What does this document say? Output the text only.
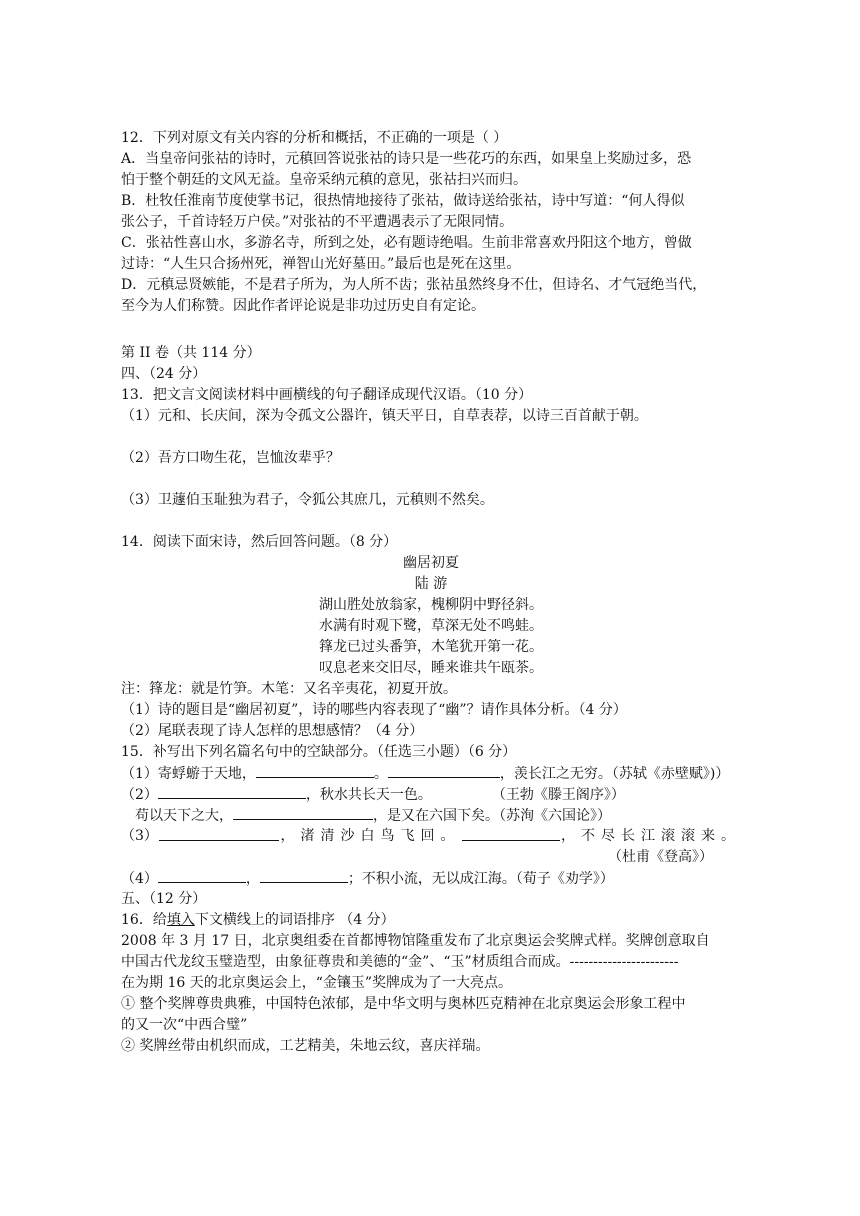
12．下列对原文有关内容的分析和概括，不正确的一项是（ ）
A．当皇帝问张祜的诗时，元稹回答说张祜的诗只是一些花巧的东西，如果皇上奖励过多，恐
怕于整个朝廷的文风无益。皇帝采纳元稹的意见，张祜扫兴而归。
B．杜牧任淮南节度使掌书记，很热情地接待了张祜，做诗送给张祜，诗中写道：“何人得似
张公子，千首诗轻万户侯。”对张祜的不平遭遇表示了无限同情。
C．张祜性喜山水，多游名寺，所到之处，必有题诗绝唱。生前非常喜欢丹阳这个地方，曾做
过诗：“人生只合扬州死，禅智山光好墓田。”最后也是死在这里。
D．元稹忌贤嫉能，不是君子所为，为人所不齿；张祜虽然终身不仕，但诗名、才气冠绝当代，
至今为人们称赞。因此作者评论说是非功过历史自有定论。
第 II 卷（共 114 分）
四、（24 分）
13．把文言文阅读材料中画横线的句子翻译成现代汉语。（10 分）
（1）元和、长庆间，深为令孤文公器许，镇天平日，自草表荐，以诗三百首献于朝。
（2）吾方口吻生花，岂恤汝辈乎？
（3）卫蘧伯玉耻独为君子，令狐公其庶几，元稹则不然矣。
14．阅读下面宋诗，然后回答问题。（8 分）
幽居初夏
陆 游
湖山胜处放翁家，槐柳阴中野径斜。
水满有时观下鹭，草深无处不鸣蛙。
箨龙已过头番笋，木笔犹开第一花。
叹息老来交旧尽，睡来谁共午瓯茶。
注：箨龙：就是竹笋。木笔：又名辛夷花，初夏开放。
（1）诗的题目是“幽居初夏”，诗的哪些内容表现了“幽”？请作具体分析。（4 分）
（2）尾联表现了诗人怎样的思想感情？（4 分）
15．补写出下列名篇名句中的空缺部分。（任选三小题）（6 分）
（1）寄蜉蝣于天地，	。	，羡长江之无穷。（苏轼《赤壁赋》)）
（2）	，秋水共长天一色。	（王勃《滕王阁序》）
苟以天下之大，	，是又在六国下矣。（苏洵《六国论》）
（3）	，渚清沙白鸟飞回。	，不尽长江滚滚来。
（杜甫《登高》）
（4）	，	；不积小流，无以成江海。（荀子《劝学》）
五、（12 分）
16．给填入下文横线上的词语排序 （4 分）
2008 年 3 月 17 日，北京奥组委在首都博物馆隆重发布了北京奥运会奖牌式样。奖牌创意取自
中国古代龙纹玉璧造型，由象征尊贵和美德的“金”、“玉”材质组合而成。-----------------------
在为期 16 天的北京奥运会上，“金镶玉”奖牌成为了一大亮点。
① 整个奖牌尊贵典雅，中国特色浓郁，是中华文明与奥林匹克精神在北京奥运会形象工程中
的又一次“中西合璧”
② 奖牌丝带由机织而成，工艺精美，朱地云纹，喜庆祥瑞。
